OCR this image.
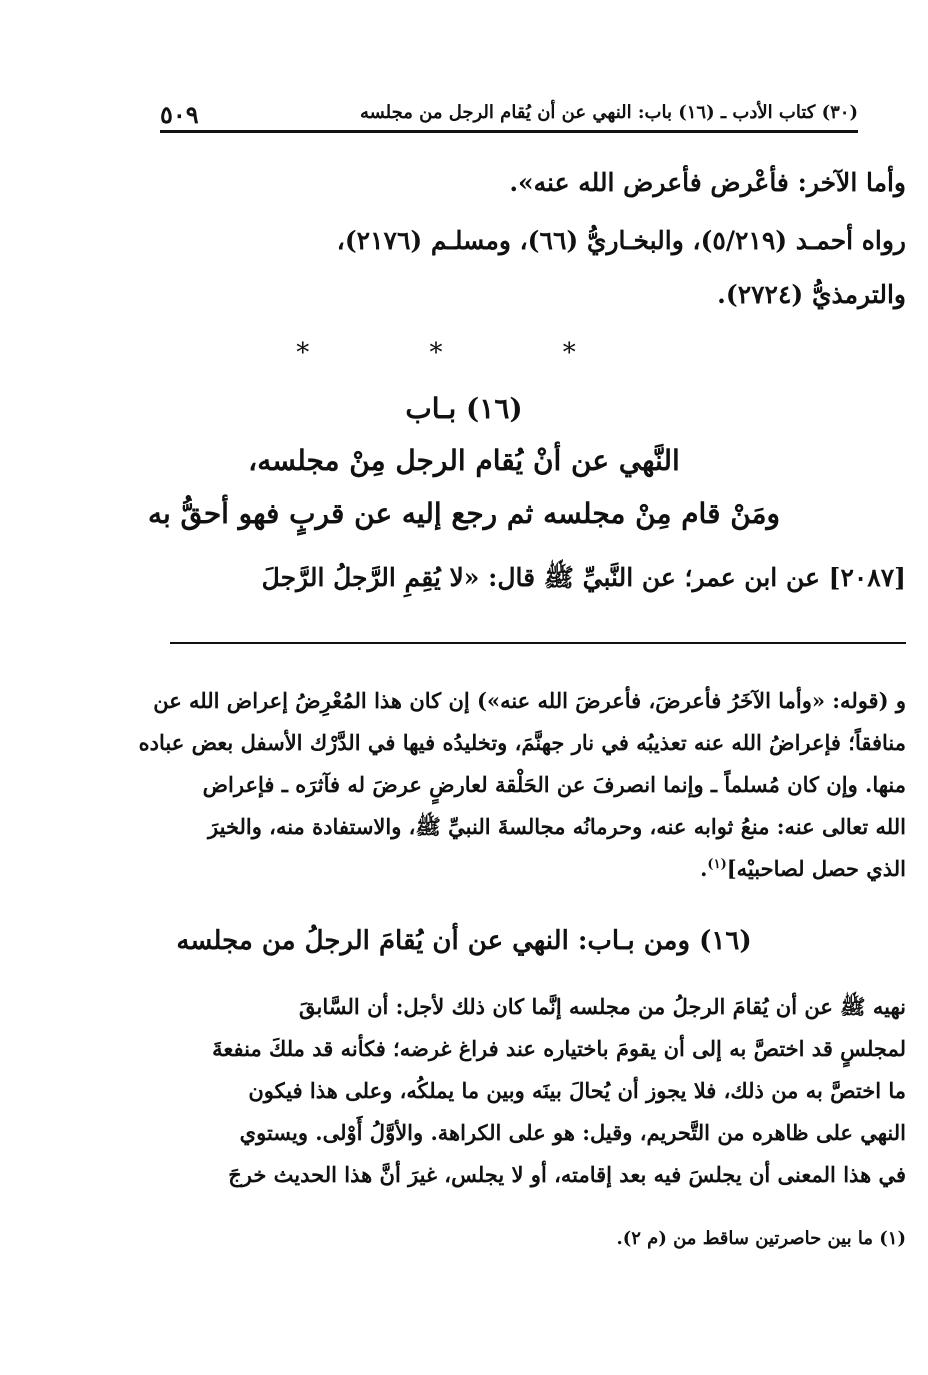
٥٠٩	(٣٠) كتاب الأدب ـ (١٦) باب: النهي عن أن يُقام الرجل من مجلسه
وأما الآخر: فأعْرض فأعرض الله عنه».
رواه أحمـد (٥/٢١٩)، والبخـاريُّ (٦٦)، ومسلـم (٢١٧٦)،
والترمذيُّ (٢٧٢٤).
* * *
(١٦) بـاب
النَّهي عن أنْ يُقام الرجل مِنْ مجلسه،
ومَنْ قام مِنْ مجلسه ثم رجع إليه عن قربٍ فهو أحقُّ به
[٢٠٨٧] عن ابن عمر؛ عن النَّبيِّ ﷺ قال: «لا يُقِمِ الرَّجلُ الرَّجلَ
و (قوله: «وأما الآخَرُ فأعرضَ، فأعرضَ الله عنه») إن كان هذا المُعْرِضُ إعراض الله عن
منافقاً؛ فإعراضُ الله عنه تعذيبُه في نار جهنَّمَ، وتخليدُه فيها في الدَّرْك الأسفل بعض عباده
منها. وإن كان مُسلماً ـ وإنما انصرفَ عن الحَلْقة لعارضٍ عرضَ له فآثرَه ـ فإعراض
الله تعالى عنه: منعُ ثوابه عنه، وحرمانُه مجالسةَ النبيِّ ﷺ، والاستفادة منه، والخيرَ
الذي حصل لصاحبيْه]$^{(١)}$.
(١٦) ومن بـاب: النهي عن أن يُقامَ الرجلُ من مجلسه
نهيه ﷺ عن أن يُقامَ الرجلُ من مجلسه إنَّما كان ذلك لأجل: أن السَّابقَ
لمجلسٍ قد اختصَّ به إلى أن يقومَ باختياره عند فراغ غرضه؛ فكأنه قد ملكَ منفعةَ
ما اختصَّ به من ذلك، فلا يجوز أن يُحالَ بينَه وبين ما يملكُه، وعلى هذا فيكون
النهي على ظاهره من التَّحريم، وقيل: هو على الكراهة. والأوَّلُ أَوْلى. ويستوي
في هذا المعنى أن يجلسَ فيه بعد إقامته، أو لا يجلس، غيرَ أنَّ هذا الحديث خرجَ
(١) ما بين حاصرتين ساقط من (م ٢).
